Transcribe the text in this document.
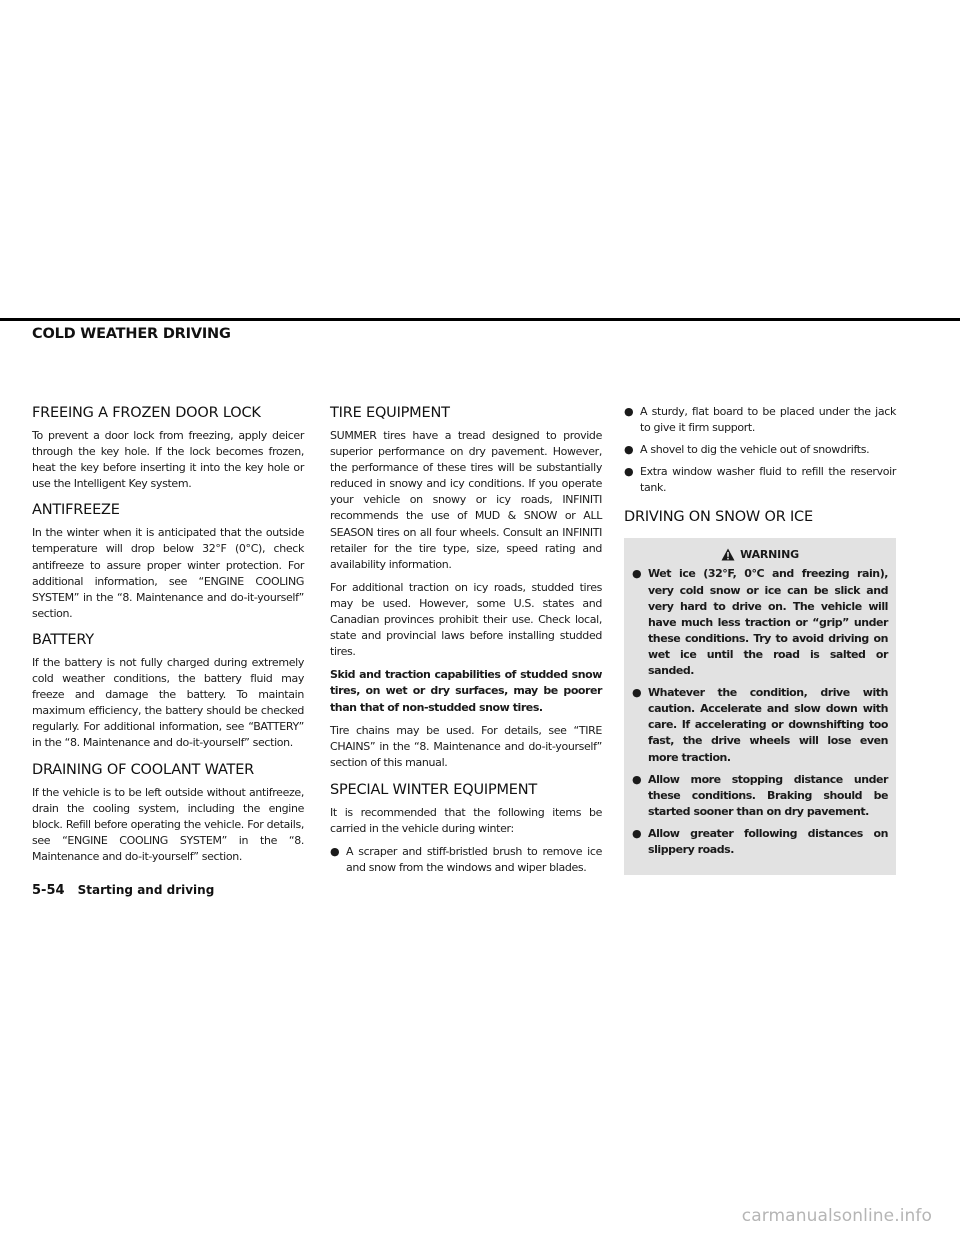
COLD WEATHER DRIVING
FREEING A FROZEN DOOR LOCK

To prevent a door lock from freezing, apply deicer through the key hole. If the lock becomes frozen, heat the key before inserting it into the key hole or use the Intelligent Key system.

ANTIFREEZE

In the winter when it is anticipated that the outside temperature will drop below 32°F (0°C), check antifreeze to assure proper winter protection. For additional information, see “ENGINE COOLING SYSTEM” in the “8. Maintenance and do-it-yourself” section.

BATTERY

If the battery is not fully charged during extremely cold weather conditions, the battery fluid may freeze and damage the battery. To maintain maximum efficiency, the battery should be checked regularly. For additional information, see “BATTERY” in the “8. Maintenance and do-it-yourself” section.

DRAINING OF COOLANT WATER

If the vehicle is to be left outside without antifreeze, drain the cooling system, including the engine block. Refill before operating the vehicle. For details, see “ENGINE COOLING SYSTEM” in the “8. Maintenance and do-it-yourself” section.

TIRE EQUIPMENT

SUMMER tires have a tread designed to provide superior performance on dry pavement. However, the performance of these tires will be substantially reduced in snowy and icy conditions. If you operate your vehicle on snowy or icy roads, INFINITI recommends the use of MUD & SNOW or ALL SEASON tires on all four wheels. Consult an INFINITI retailer for the tire type, size, speed rating and availability information.

For additional traction on icy roads, studded tires may be used. However, some U.S. states and Canadian provinces prohibit their use. Check local, state and provincial laws before installing studded tires.

Skid and traction capabilities of studded snow tires, on wet or dry surfaces, may be poorer than that of non-studded snow tires.

Tire chains may be used. For details, see “TIRE CHAINS” in the “8. Maintenance and do-it-yourself” section of this manual.

SPECIAL WINTER EQUIPMENT

It is recommended that the following items be carried in the vehicle during winter:

● A scraper and stiff-bristled brush to remove ice and snow from the windows and wiper blades.
● A sturdy, flat board to be placed under the jack to give it firm support.
● A shovel to dig the vehicle out of snowdrifts.
● Extra window washer fluid to refill the reservoir tank.
DRIVING ON SNOW OR ICE
WARNING
● Wet ice (32°F, 0°C and freezing rain), very cold snow or ice can be slick and very hard to drive on. The vehicle will have much less traction or “grip” under these conditions. Try to avoid driving on wet ice until the road is salted or sanded.
● Whatever the condition, drive with caution. Accelerate and slow down with care. If accelerating or downshifting too fast, the drive wheels will lose even more traction.
● Allow more stopping distance under these conditions. Braking should be started sooner than on dry pavement.
● Allow greater following distances on slippery roads.
5-54 Starting and driving
carmanualsonline.info
